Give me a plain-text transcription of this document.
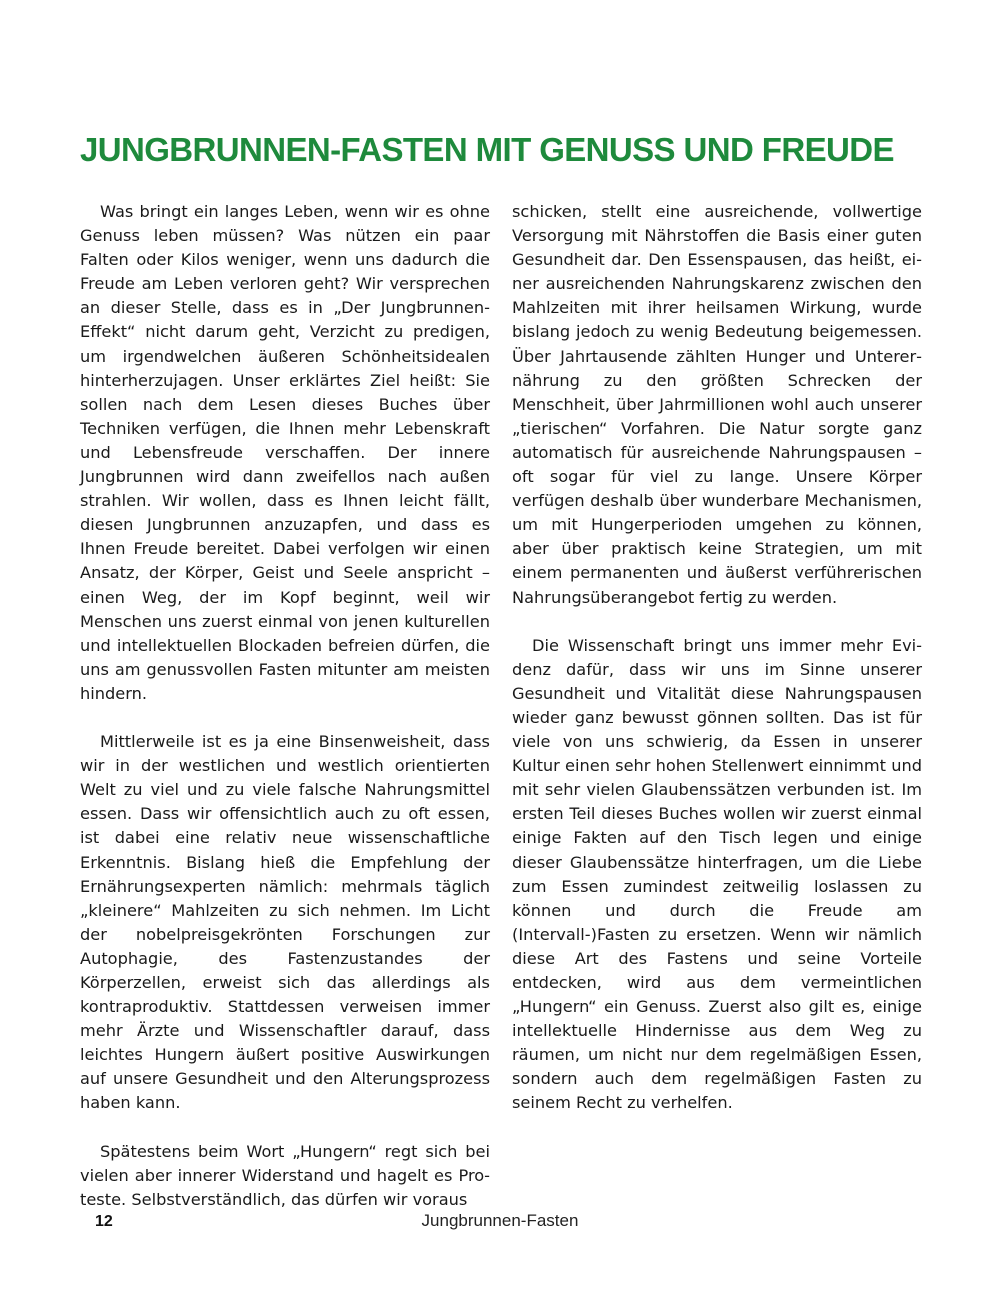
JUNGBRUNNEN-FASTEN MIT GENUSS UND FREUDE

Was bringt ein langes Leben, wenn wir es ohne Genuss leben müssen? Was nützen ein paar Falten oder Kilos weniger, wenn uns dadurch die Freude am Leben verloren geht? Wir versprechen an dieser Stelle, dass es in „Der Jungbrunnen-Effekt“ nicht darum geht, Verzicht zu predigen, um irgendwelchen äußeren Schönheitsidealen hinterherzujagen. Unser erklärtes Ziel heißt: Sie sollen nach dem Lesen dieses Buches über Techniken verfügen, die Ihnen mehr Lebenskraft und Lebensfreude verschaffen. Der innere Jungbrunnen wird dann zweifellos nach außen strahlen. Wir wollen, dass es Ihnen leicht fällt, diesen Jungbrunnen anzuzapfen, und dass es Ihnen Freude bereitet. Dabei verfolgen wir einen Ansatz, der Körper, Geist und Seele anspricht – einen Weg, der im Kopf beginnt, weil wir Menschen uns zuerst einmal von jenen kulturellen und intellektuellen Blockaden befreien dürfen, die uns am genussvollen Fasten mitunter am meisten hindern.

Mittlerweile ist es ja eine Binsenweisheit, dass wir in der westlichen und westlich orientierten Welt zu viel und zu viele falsche Nahrungsmittel essen. Dass wir offensichtlich auch zu oft essen, ist dabei eine relativ neue wissenschaftliche Erkenntnis. Bislang hieß die Empfehlung der Ernährungsexperten nämlich: mehrmals täglich „kleinere“ Mahlzeiten zu sich nehmen. Im Licht der nobelpreisgekrönten Forschungen zur Autophagie, des Fastenzustandes der Körperzellen, erweist sich das allerdings als kontraproduktiv. Stattdessen verweisen immer mehr Ärzte und Wissenschaftler darauf, dass leichtes Hungern äußert positive Auswirkungen auf unsere Gesundheit und den Alterungsprozess haben kann.

Spätestens beim Wort „Hungern“ regt sich bei vielen aber innerer Widerstand und hagelt es Proteste. Selbstverständlich, das dürfen wir voraus

schicken, stellt eine ausreichende, vollwertige Versorgung mit Nährstoffen die Basis einer guten Gesundheit dar. Den Essenspausen, das heißt, einer ausreichenden Nahrungskarenz zwischen den Mahlzeiten mit ihrer heilsamen Wirkung, wurde bislang jedoch zu wenig Bedeutung beigemessen. Über Jahrtausende zählten Hunger und Unterernährung zu den größten Schrecken der Menschheit, über Jahrmillionen wohl auch unserer „tierischen“ Vorfahren. Die Natur sorgte ganz automatisch für ausreichende Nahrungspausen – oft sogar für viel zu lange. Unsere Körper verfügen deshalb über wunderbare Mechanismen, um mit Hungerperioden umgehen zu können, aber über praktisch keine Strategien, um mit einem permanenten und äußerst verführerischen Nahrungsüberangebot fertig zu werden.

Die Wissenschaft bringt uns immer mehr Evidenz dafür, dass wir uns im Sinne unserer Gesundheit und Vitalität diese Nahrungspausen wieder ganz bewusst gönnen sollten. Das ist für viele von uns schwierig, da Essen in unserer Kultur einen sehr hohen Stellenwert einnimmt und mit sehr vielen Glaubenssätzen verbunden ist. Im ersten Teil dieses Buches wollen wir zuerst einmal einige Fakten auf den Tisch legen und einige dieser Glaubenssätze hinterfragen, um die Liebe zum Essen zumindest zeitweilig loslassen zu können und durch die Freude am (Intervall-)Fasten zu ersetzen. Wenn wir nämlich diese Art des Fastens und seine Vorteile entdecken, wird aus dem vermeintlichen „Hungern“ ein Genuss. Zuerst also gilt es, einige intellektuelle Hindernisse aus dem Weg zu räumen, um nicht nur dem regelmäßigen Essen, sondern auch dem regelmäßigen Fasten zu seinem Recht zu verhelfen.

12	Jungbrunnen-Fasten
